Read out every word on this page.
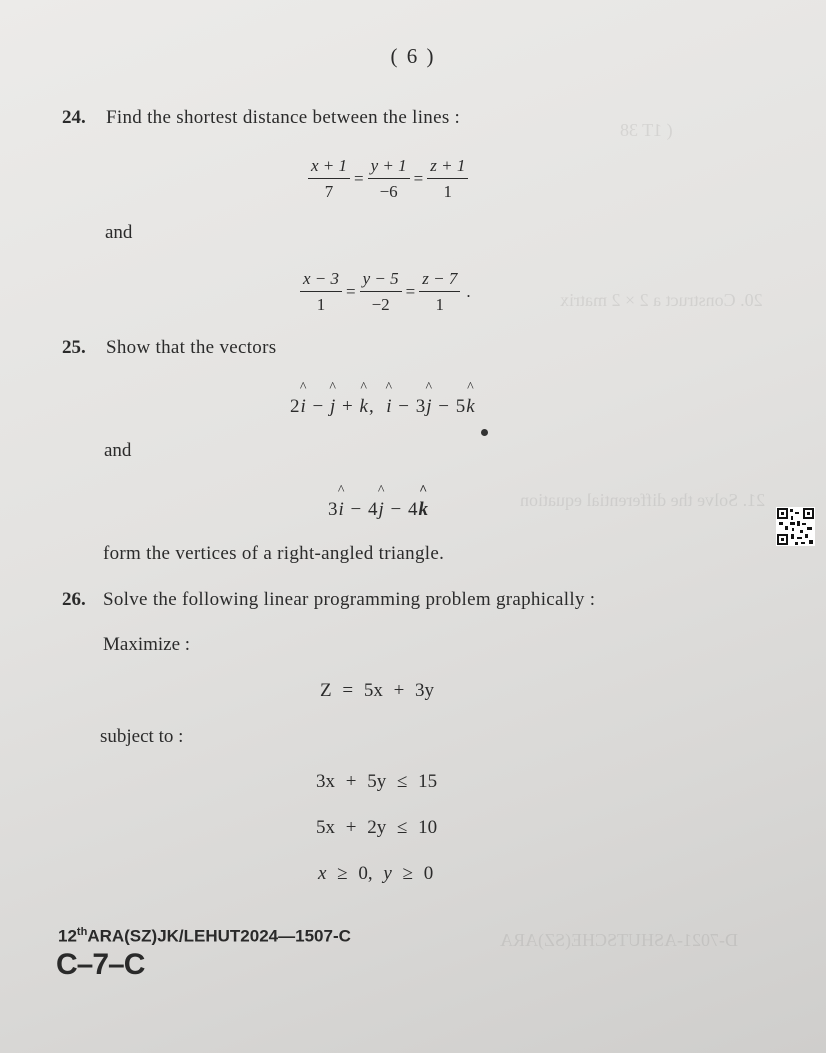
( 1T 38
20. Construct a 2 × 2 matrix
21. Solve the differential equation
D-7021-ASHUTSCHE(SZ)ARA
( 6 )
24. Find the shortest distance between the lines :
$\frac{x + 1}{7} = \frac{y + 1}{-6} = \frac{z + 1}{1}$
and
$\frac{x - 3}{1} = \frac{y - 5}{-2} = \frac{z - 7}{1}$ .
25. Show that the vectors
2^ i − ^ j + ^ k, ^ i − 3^ j − 5^ k
and
3^ i − 4^ j − 4^ k
form the vertices of a right-angled triangle.
26. Solve the following linear programming problem graphically :
Maximize :
Z = 5x + 3y
subject to :
3x + 5y ≤ 15
5x + 2y ≤ 10
x ≥ 0, y ≥ 0
12thARA(SZ)JK/LEHUT2024—1507-C
C–7–C
